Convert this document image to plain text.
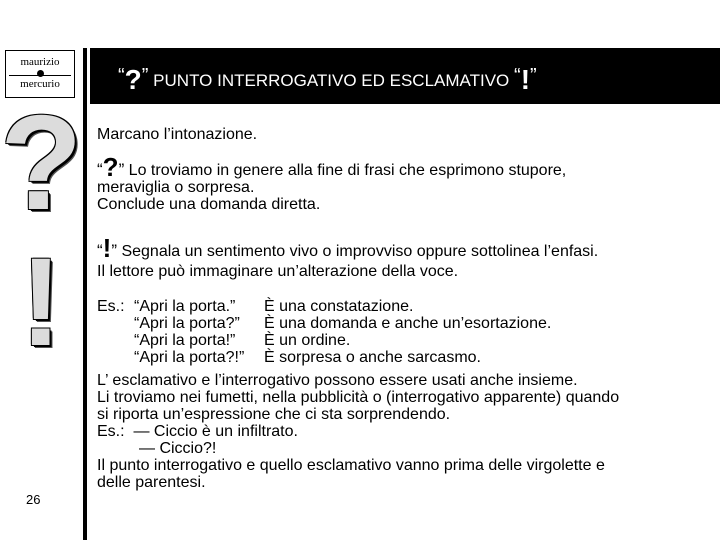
maurizio
mercurio
?
!
26
“?” PUNTO INTERROGATIVO ED ESCLAMATIVO “!”

Marcano l’intonazione.

“?” Lo troviamo in genere alla fine di frasi che esprimono stupore,

meraviglia o sorpresa.

Conclude una domanda diretta.

“!” Segnala un sentimento vivo o improvviso oppure sottolinea l’enfasi.

Il lettore può immaginare un’alterazione della voce.

Es.: “Apri la porta.”	È una constatazione.
“Apri la porta?”	È una domanda e anche un’esortazione.
“Apri la porta!”	È un ordine.
“Apri la porta?!”	È sorpresa o anche sarcasmo.

L’ esclamativo e l’interrogativo possono essere usati anche insieme.

Li troviamo nei fumetti, nella pubblicità o (interrogativo apparente) quando

si riporta un’espressione che ci sta sorprendendo.

Es.: — Ciccio è un infiltrato.

— Ciccio?!

Il punto interrogativo e quello esclamativo vanno prima delle virgolette e

delle parentesi.
